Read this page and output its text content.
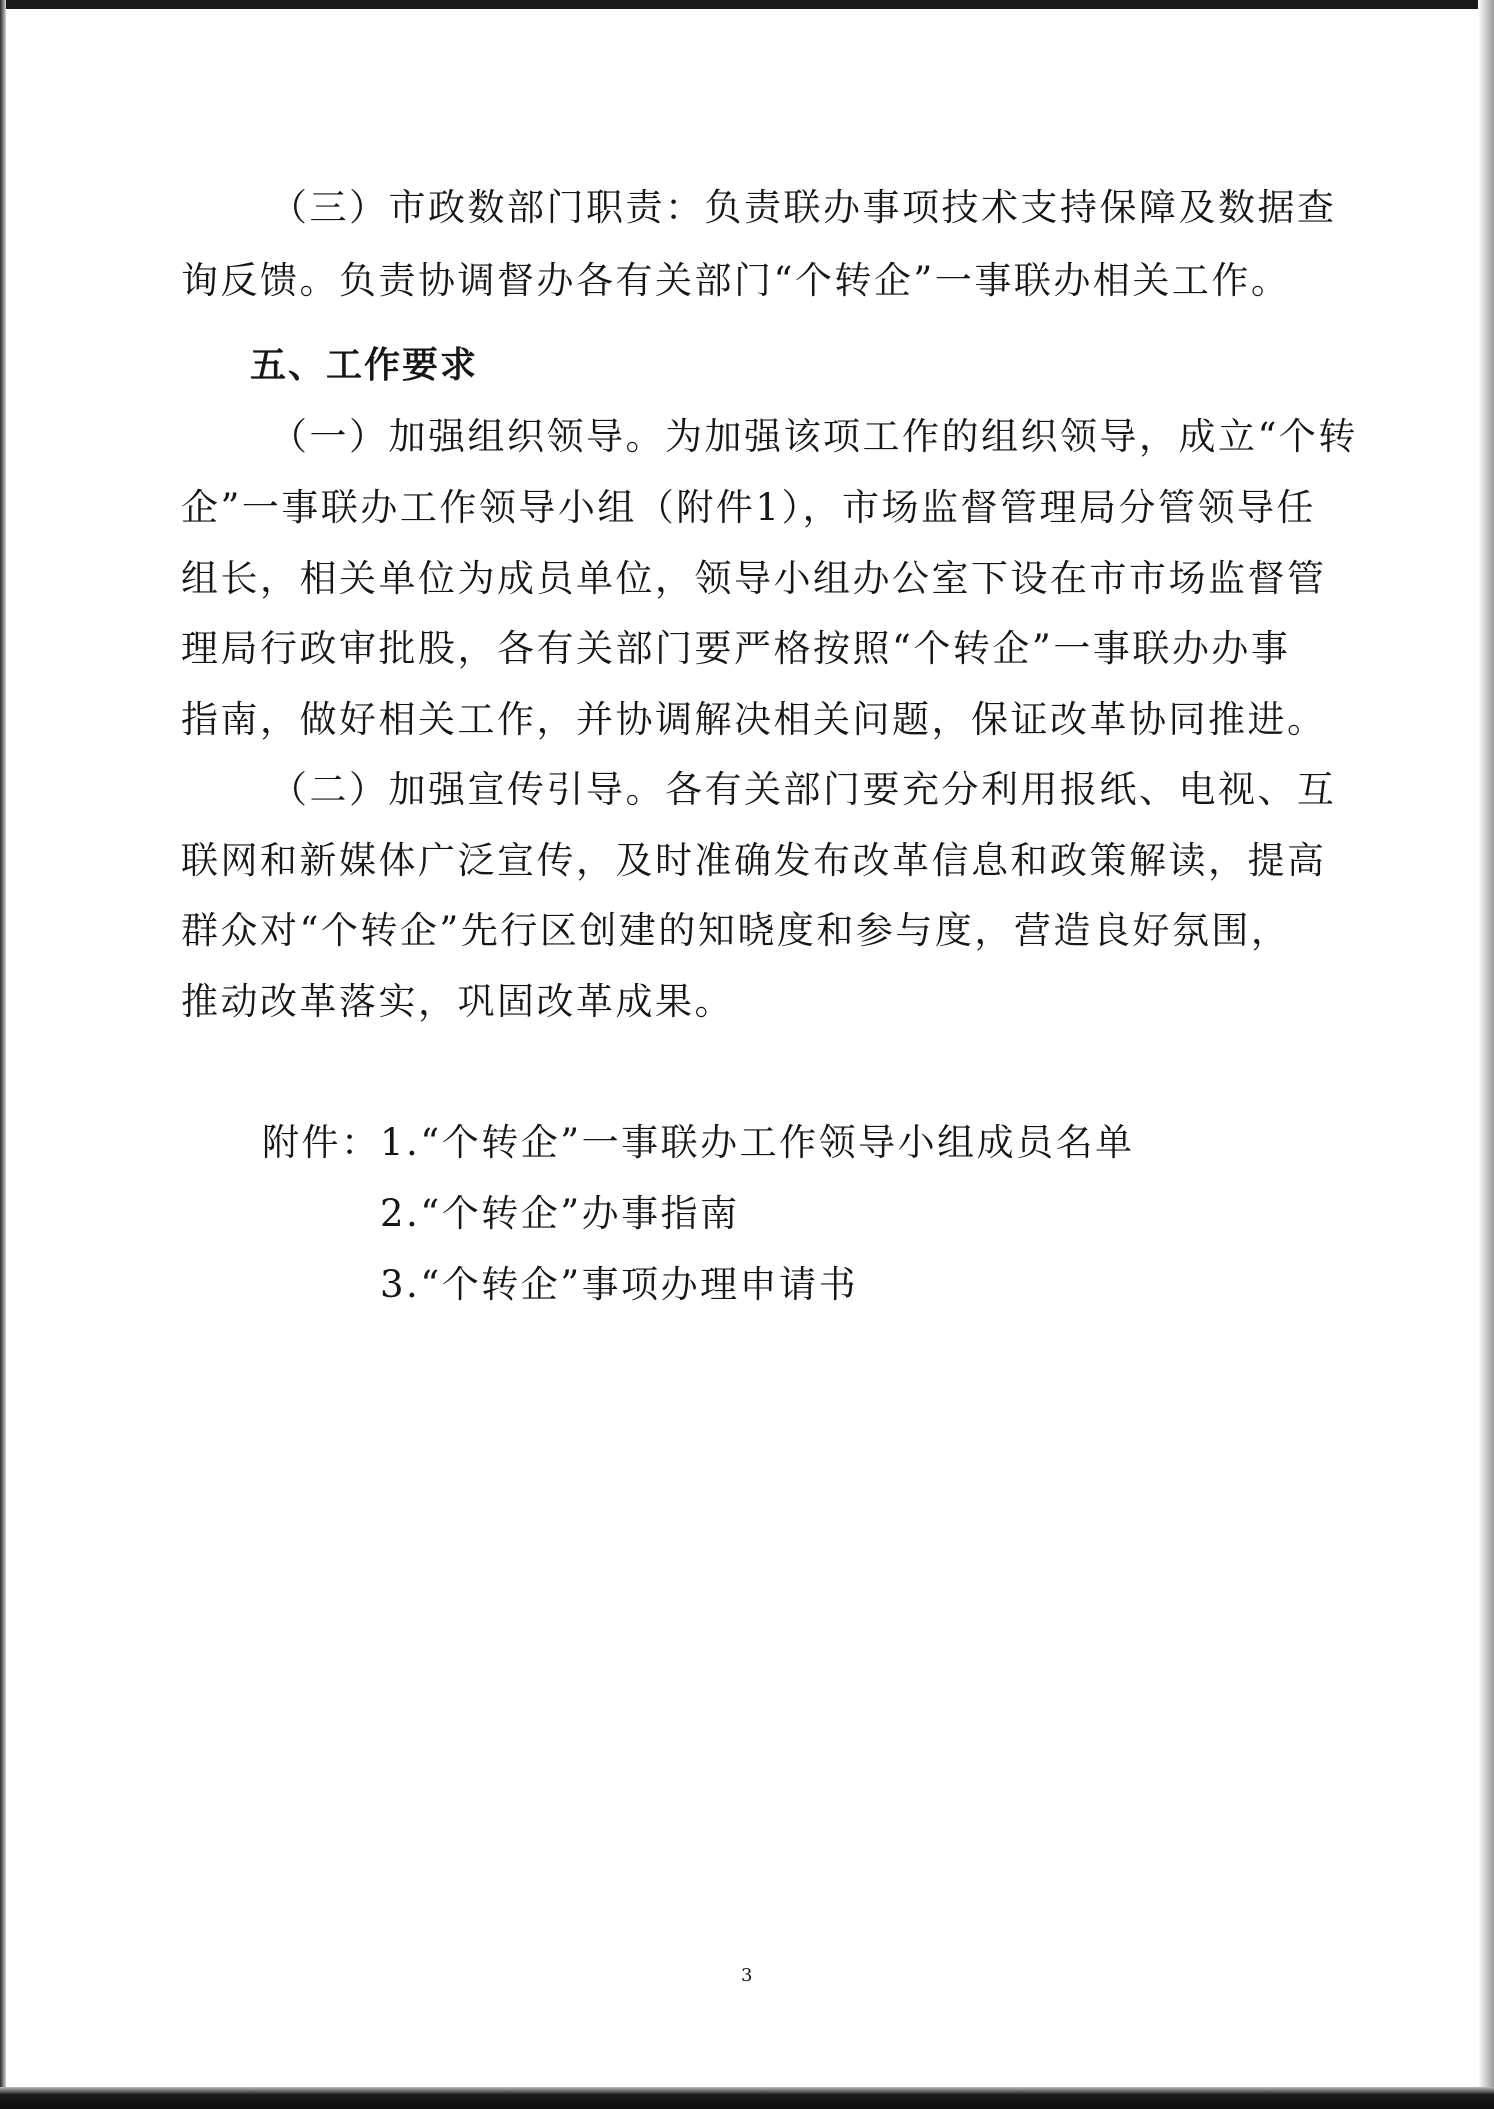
（三）市政数部门职责：负责联办事项技术支持保障及数据查
询反馈。负责协调督办各有关部门“个转企”一事联办相关工作。
五、工作要求
（一）加强组织领导。为加强该项工作的组织领导，成立“个转
企”一事联办工作领导小组（附件1），市场监督管理局分管领导任
组长，相关单位为成员单位，领导小组办公室下设在市市场监督管
理局行政审批股，各有关部门要严格按照“个转企”一事联办办事
指南，做好相关工作，并协调解决相关问题，保证改革协同推进。
（二）加强宣传引导。各有关部门要充分利用报纸、电视、互
联网和新媒体广泛宣传，及时准确发布改革信息和政策解读，提高
群众对“个转企”先行区创建的知晓度和参与度，营造良好氛围，
推动改革落实，巩固改革成果。
附件： 1.“个转企”一事联办工作领导小组成员名单
2.“个转企”办事指南
3.“个转企”事项办理申请书
3
